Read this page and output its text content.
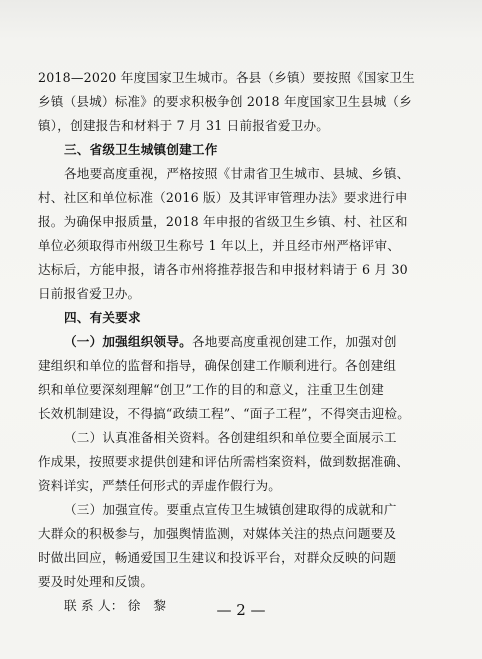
2018—2020 年度国家卫生城市。各县（乡镇）要按照《国家卫生
乡镇（县城）标准》的要求积极争创 2018 年度国家卫生县城（乡
镇），创建报告和材料于 7 月 31 日前报省爱卫办。
三、省级卫生城镇创建工作
各地要高度重视，严格按照《甘肃省卫生城市、县城、乡镇、
村、社区和单位标准（2016 版）及其评审管理办法》要求进行申
报。为确保申报质量，2018 年申报的省级卫生乡镇、村、社区和
单位必须取得市州级卫生称号 1 年以上，并且经市州严格评审、
达标后，方能申报，请各市州将推荐报告和申报材料请于 6 月 30
日前报省爱卫办。
四、有关要求
（一）加强组织领导。各地要高度重视创建工作，加强对创
建组织和单位的监督和指导，确保创建工作顺利进行。各创建组
织和单位要深刻理解“创卫”工作的目的和意义，注重卫生创建
长效机制建设，不得搞“政绩工程”、“面子工程”，不得突击迎检。
（二）认真准备相关资料。各创建组织和单位要全面展示工
作成果，按照要求提供创建和评估所需档案资料，做到数据准确、
资料详实，严禁任何形式的弄虚作假行为。
（三）加强宣传。要重点宣传卫生城镇创建取得的成就和广
大群众的积极参与，加强舆情监测，对媒体关注的热点问题要及
时做出回应，畅通爱国卫生建议和投诉平台，对群众反映的问题
要及时处理和反馈。
联 系 人： 徐　黎	— 2 —
